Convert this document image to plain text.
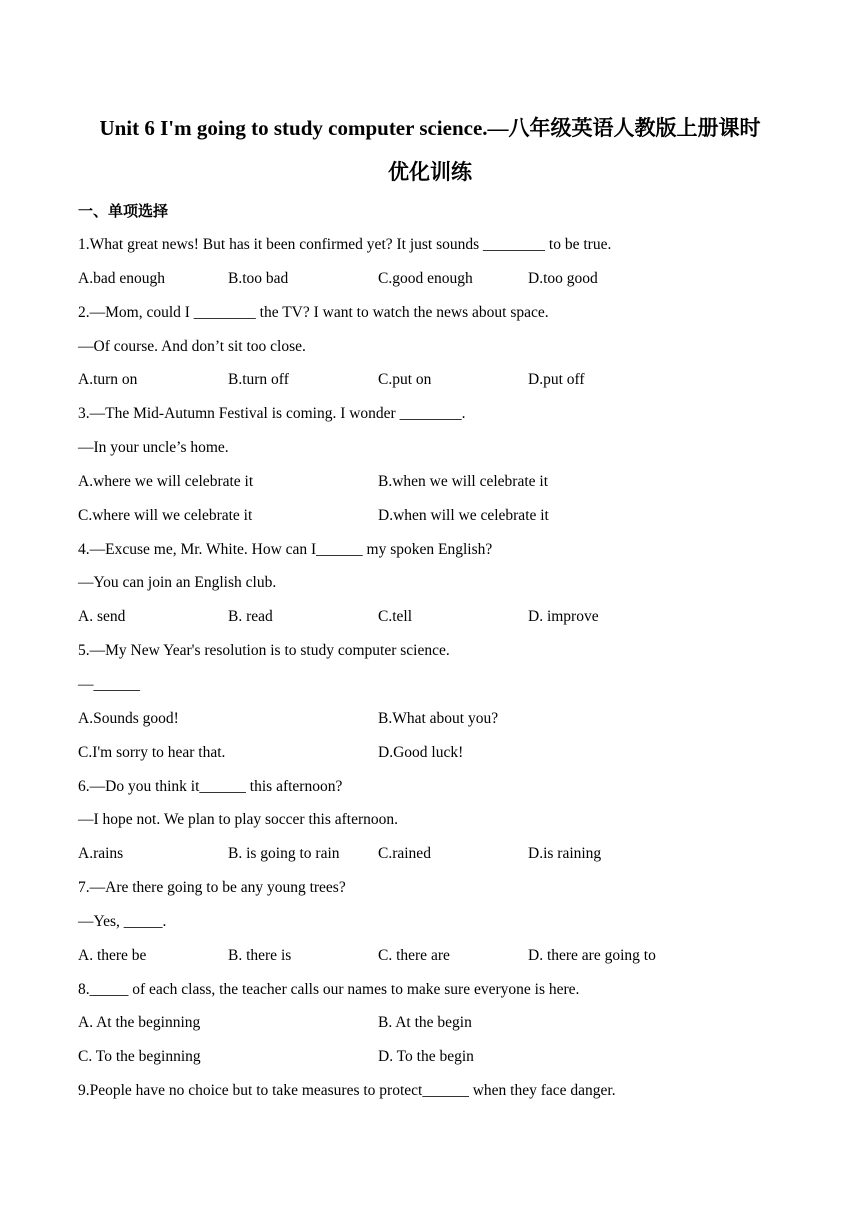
Unit 6 I'm going to study computer science.—八年级英语人教版上册课时
优化训练
一、单项选择
1.What great news! But has it been confirmed yet? It just sounds ________ to be true.
A.bad enough	B.too bad	C.good enough	D.too good
2.—Mom, could I ________ the TV? I want to watch the news about space.
—Of course. And don’t sit too close.
A.turn on	B.turn off	C.put on	D.put off
3.—The Mid-Autumn Festival is coming. I wonder ________.
—In your uncle’s home.
A.where we will celebrate it	B.when we will celebrate it
C.where will we celebrate it	D.when will we celebrate it
4.—Excuse me, Mr. White. How can I______ my spoken English?
—You can join an English club.
A. send	B. read	C.tell	D. improve
5.—My New Year's resolution is to study computer science.
—______
A.Sounds good!	B.What about you?
C.I'm sorry to hear that.	D.Good luck!
6.—Do you think it______ this afternoon?
—I hope not. We plan to play soccer this afternoon.
A.rains	B. is going to rain	C.rained	D.is raining
7.—Are there going to be any young trees?
—Yes, _____.
A. there be	B. there is	C. there are	D. there are going to
8._____ of each class, the teacher calls our names to make sure everyone is here.
A. At the beginning	B. At the begin
C. To the beginning	D. To the begin
9.People have no choice but to take measures to protect______ when they face danger.
